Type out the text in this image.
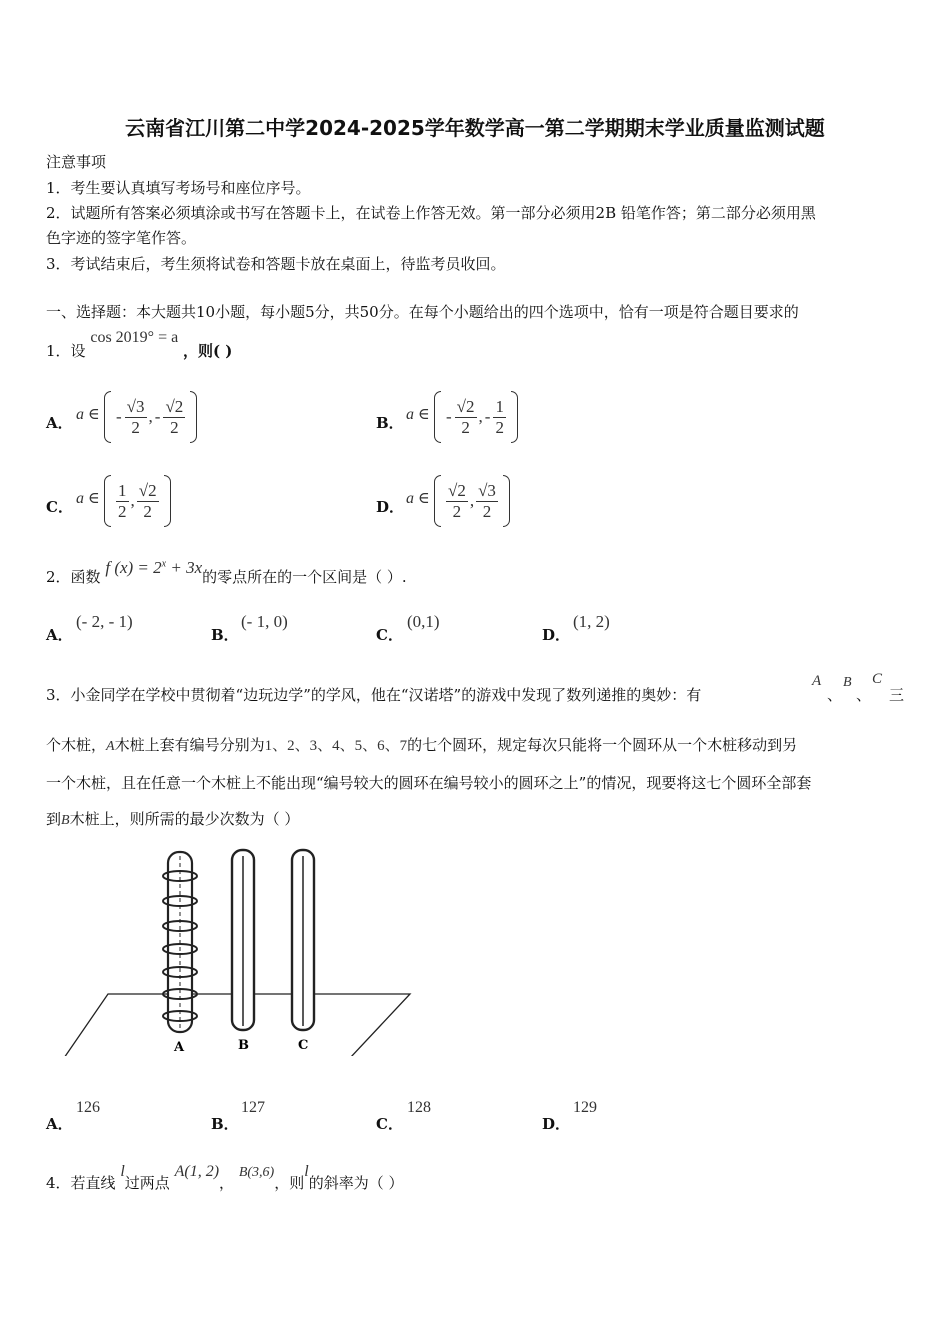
云南省江川第二中学2024-2025学年数学高一第二学期期末学业质量监测试题
注意事项
1．考生要认真填写考场号和座位序号。
2．试题所有答案必须填涂或书写在答题卡上，在试卷上作答无效。第一部分必须用2B 铅笔作答；第二部分必须用黑
色字迹的签字笔作答。
3．考试结束后，考生须将试卷和答题卡放在桌面上，待监考员收回。
一、选择题：本大题共10小题，每小题5分，共50分。在每个小题给出的四个选项中，恰有一项是符合题目要求的
1．设 cos 2019° = a ，则( )
A． a ∈ -
√3
2
, -
√2
2	B． a ∈ -
√2
2
, -
1
2
C． a ∈ 1
2
,
√2
2	D． a ∈ √2
2
,
√3
2
2．函数 f $(x) = 2^x + 3x$的零点所在的一个区间是（ ）.
A．
(- 2, - 1)
B．
(- 1, 0)
C．
(0,1)
D．
(1, 2)
3．小金同学在学校中贯彻着“边玩边学”的学风，他在“汉诺塔”的游戏中发现了数列递推的奥妙：有
A
、
B
、
C
三
个木桩，A木桩上套有编号分别为1、2、3、4、5、6、7的七个圆环，规定每次只能将一个圆环从一个木桩移动到另
一个木桩，且在任意一个木桩上不能出现“编号较大的圆环在编号较小的圆环之上”的情况，现要将这七个圆环全部套
到B木桩上，则所需的最少次数为（ ）
A	B	C
A．
126
B．
127
C．
128
D．
129
4．若直线 l过两点 A(1, 2)， B(3,6)，则l的斜率为（ ）
